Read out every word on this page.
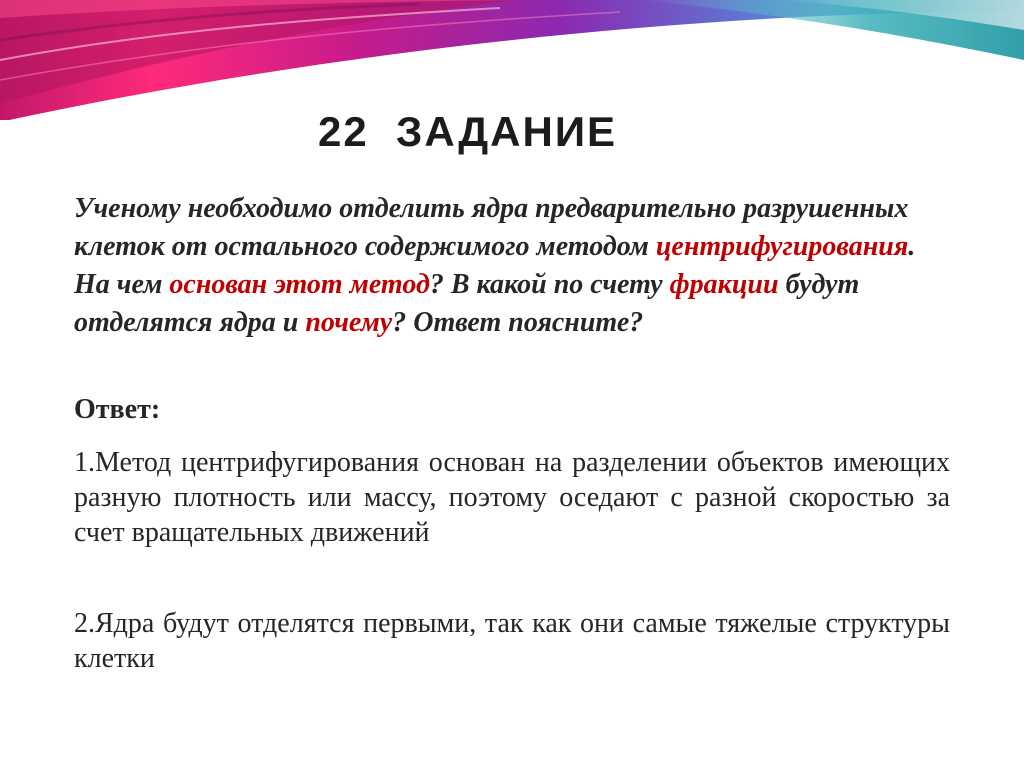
22  ЗАДАНИЕ

Ученому необходимо отделить ядра предварительно разрушенных клеток от остального содержимого методом центрифугирования. На чем основан этот метод? В какой по счету фракции будут отделятся ядра и почему? Ответ поясните?

Ответ:

1.Метод центрифугирования основан на разделении объектов имеющих разную плотность или массу, поэтому оседают с разной скоростью за счет вращательных движений

2.Ядра будут отделятся первыми, так как они самые тяжелые структуры клетки
